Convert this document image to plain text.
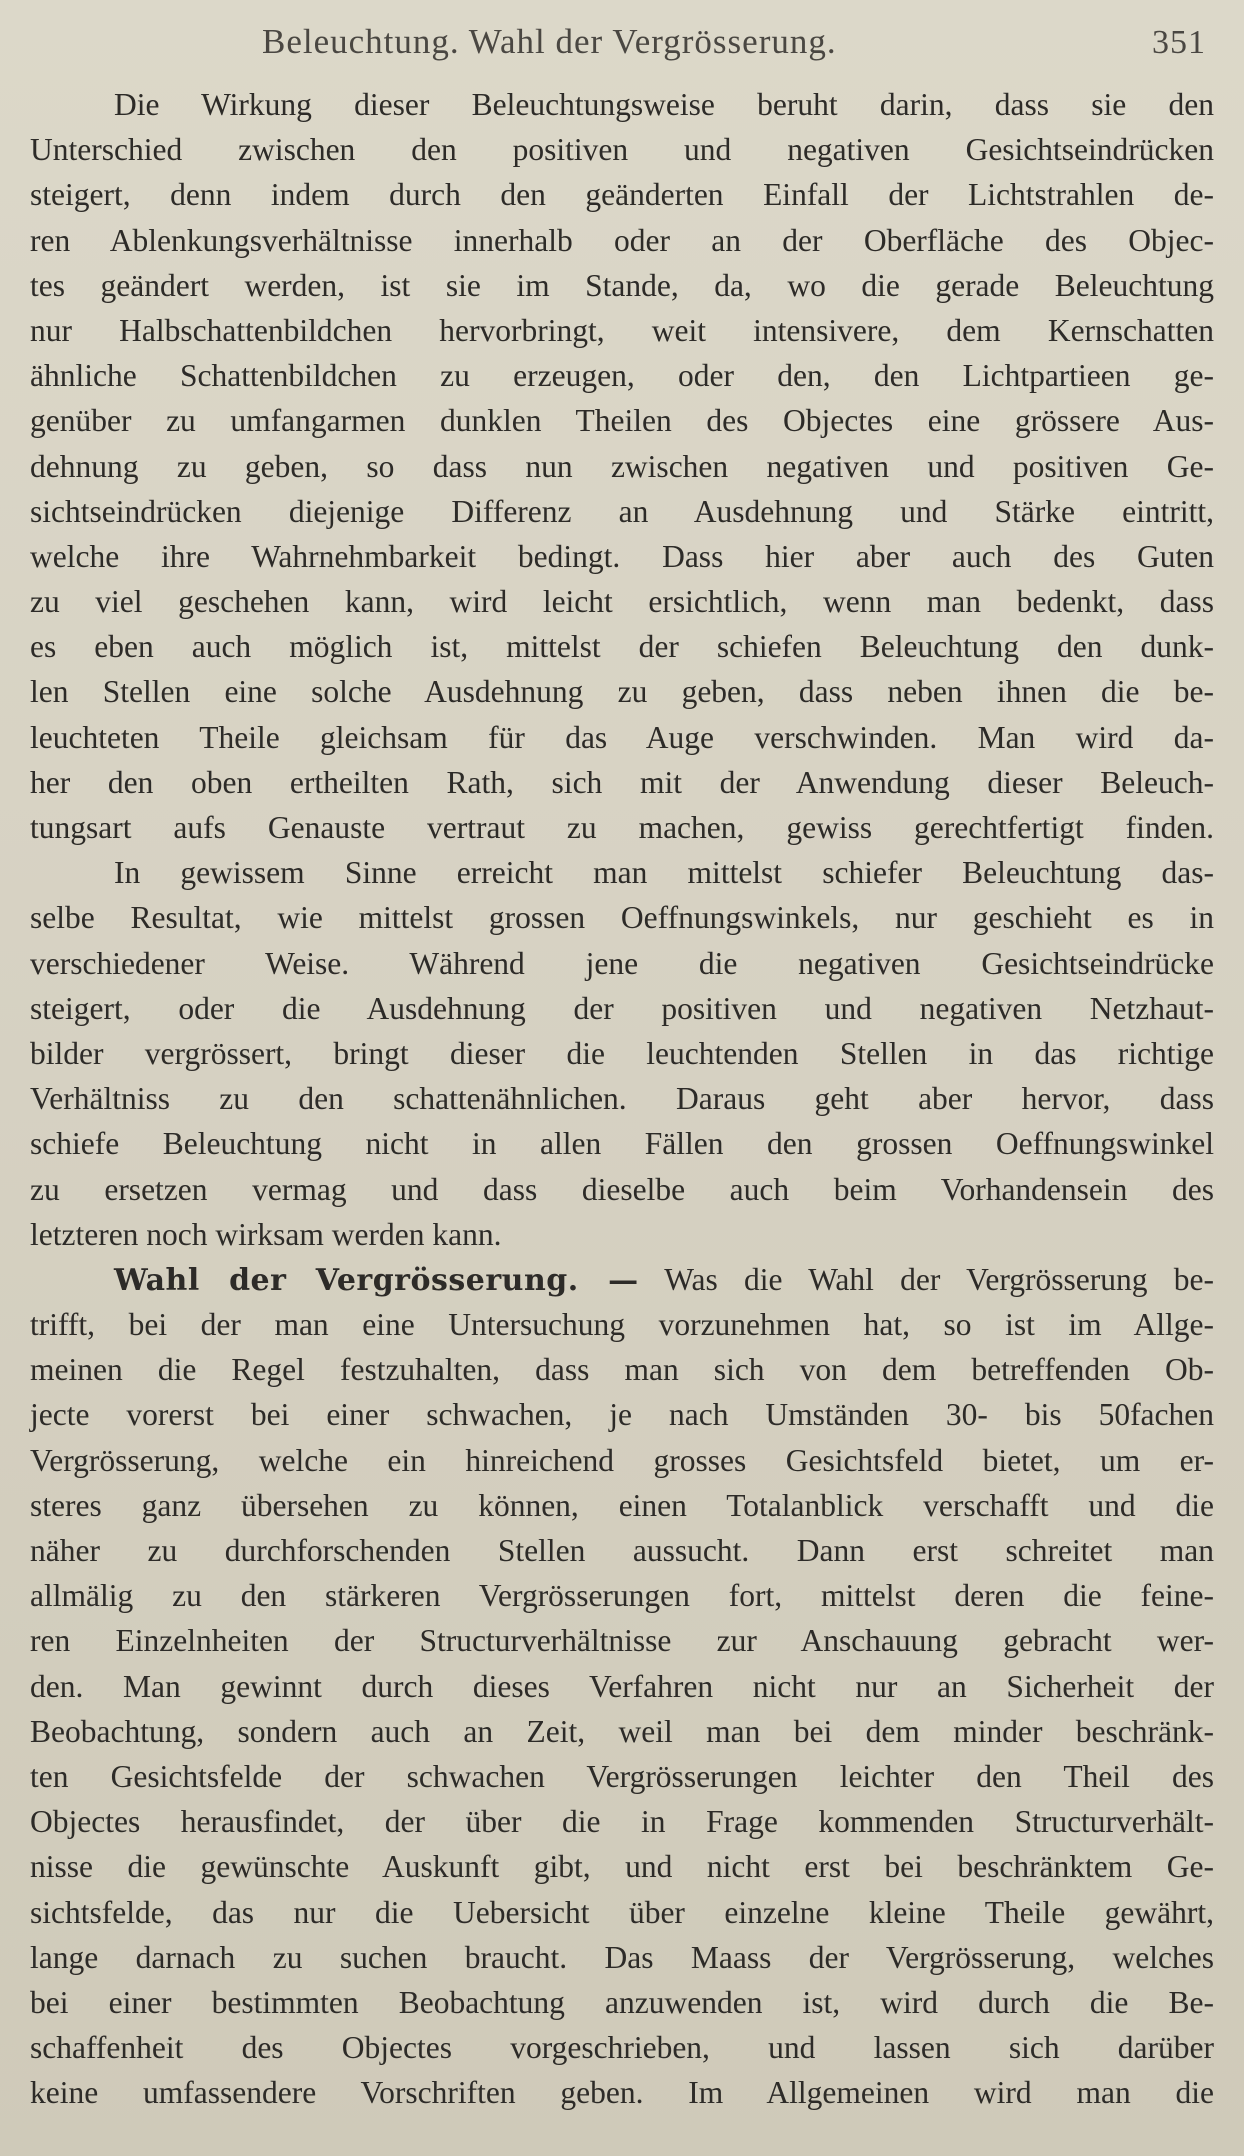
Beleuchtung. Wahl der Vergrösserung.	351

Die Wirkung dieser Beleuchtungsweise beruht darin, dass sie den

Unterschied zwischen den positiven und negativen Gesichtseindrücken

steigert, denn indem durch den geänderten Einfall der Lichtstrahlen de-

ren Ablenkungsverhältnisse innerhalb oder an der Oberfläche des Objec-

tes geändert werden, ist sie im Stande, da, wo die gerade Beleuchtung

nur Halbschattenbildchen hervorbringt, weit intensivere, dem Kernschatten

ähnliche Schattenbildchen zu erzeugen, oder den, den Lichtpartieen ge-

genüber zu umfangarmen dunklen Theilen des Objectes eine grössere Aus-

dehnung zu geben, so dass nun zwischen negativen und positiven Ge-

sichtseindrücken diejenige Differenz an Ausdehnung und Stärke eintritt,

welche ihre Wahrnehmbarkeit bedingt. Dass hier aber auch des Guten

zu viel geschehen kann, wird leicht ersichtlich, wenn man bedenkt, dass

es eben auch möglich ist, mittelst der schiefen Beleuchtung den dunk-

len Stellen eine solche Ausdehnung zu geben, dass neben ihnen die be-

leuchteten Theile gleichsam für das Auge verschwinden. Man wird da-

her den oben ertheilten Rath, sich mit der Anwendung dieser Beleuch-

tungsart aufs Genauste vertraut zu machen, gewiss gerechtfertigt finden.

In gewissem Sinne erreicht man mittelst schiefer Beleuchtung das-

selbe Resultat, wie mittelst grossen Oeffnungswinkels, nur geschieht es in

verschiedener Weise. Während jene die negativen Gesichtseindrücke

steigert, oder die Ausdehnung der positiven und negativen Netzhaut-

bilder vergrössert, bringt dieser die leuchtenden Stellen in das richtige

Verhältniss zu den schattenähnlichen. Daraus geht aber hervor, dass

schiefe Beleuchtung nicht in allen Fällen den grossen Oeffnungswinkel

zu ersetzen vermag und dass dieselbe auch beim Vorhandensein des

letzteren noch wirksam werden kann.

Wahl der Vergrösserung. — Was die Wahl der Vergrösserung be-

trifft, bei der man eine Untersuchung vorzunehmen hat, so ist im Allge-

meinen die Regel festzuhalten, dass man sich von dem betreffenden Ob-

jecte vorerst bei einer schwachen, je nach Umständen 30- bis 50fachen

Vergrösserung, welche ein hinreichend grosses Gesichtsfeld bietet, um er-

steres ganz übersehen zu können, einen Totalanblick verschafft und die

näher zu durchforschenden Stellen aussucht. Dann erst schreitet man

allmälig zu den stärkeren Vergrösserungen fort, mittelst deren die feine-

ren Einzelnheiten der Structurverhältnisse zur Anschauung gebracht wer-

den. Man gewinnt durch dieses Verfahren nicht nur an Sicherheit der

Beobachtung, sondern auch an Zeit, weil man bei dem minder beschränk-

ten Gesichtsfelde der schwachen Vergrösserungen leichter den Theil des

Objectes herausfindet, der über die in Frage kommenden Structurverhält-

nisse die gewünschte Auskunft gibt, und nicht erst bei beschränktem Ge-

sichtsfelde, das nur die Uebersicht über einzelne kleine Theile gewährt,

lange darnach zu suchen braucht. Das Maass der Vergrösserung, welches

bei einer bestimmten Beobachtung anzuwenden ist, wird durch die Be-

schaffenheit des Objectes vorgeschrieben, und lassen sich darüber

keine umfassendere Vorschriften geben. Im Allgemeinen wird man die
